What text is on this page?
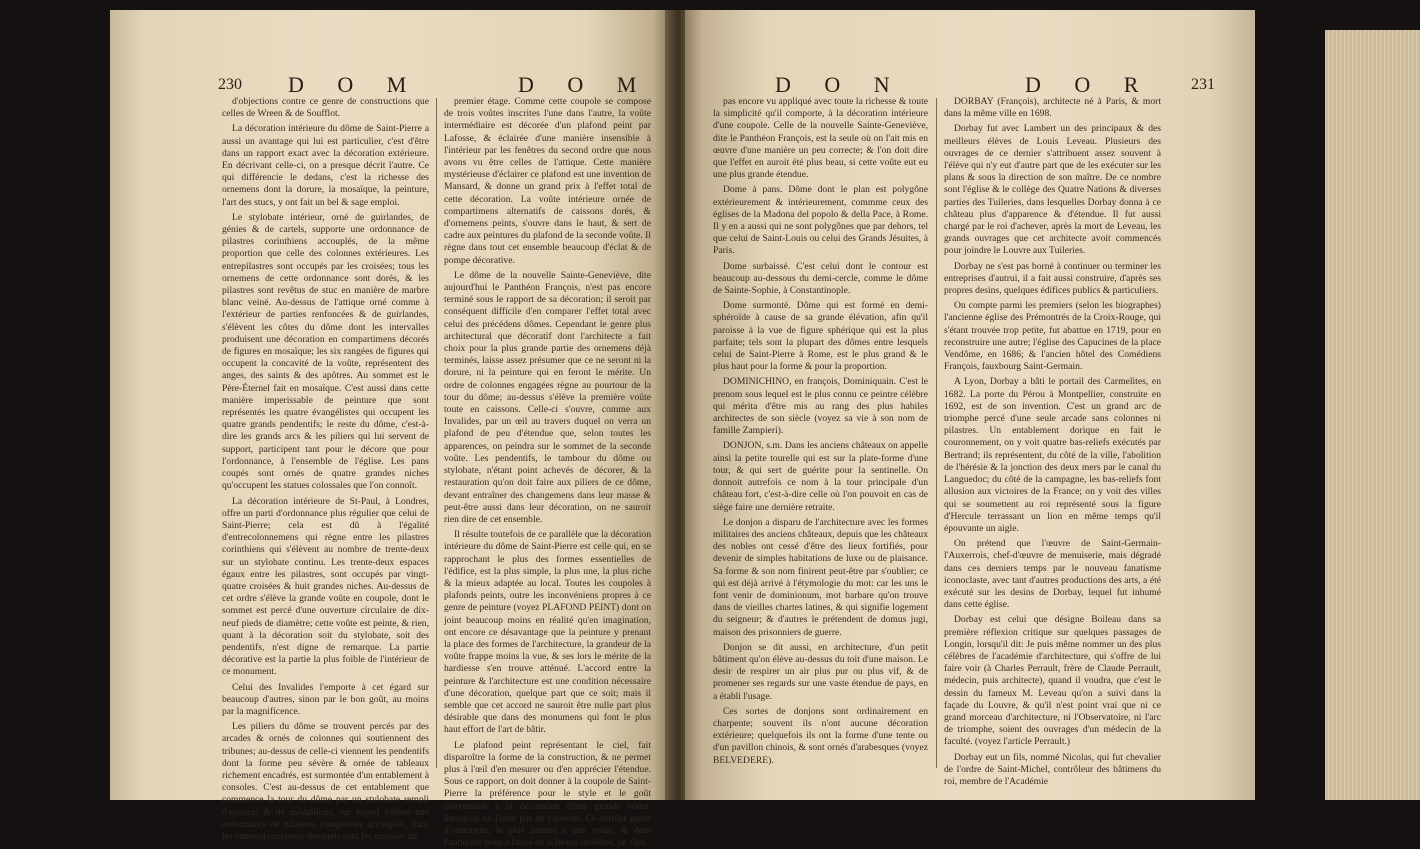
230 D O M	D O M

d'objections contre ce genre de constructions que celles de Wreen & de Soufflot.

La décoration intérieure du dôme de Saint-Pierre a aussi un avantage qui lui est particulier, c'est d'être dans un rapport exact avec la décoration extérieure. En décrivant celle-ci, on a presque décrit l'autre. Ce qui différencie le dedans, c'est la richesse des ornemens dont la dorure, la mosaïque, la peinture, l'art des stucs, y ont fait un bel & sage emploi.

Le stylobate intérieur, orné de guirlandes, de génies & de cartels, supporte une ordonnance de pilastres corinthiens accouplés, de la même proportion que celle des colonnes extérieures. Les entrepilastres sont occupés par les croisées; tous les ornemens de cette ordonnance sont dorés, & les pilastres sont revêtus de stuc en manière de marbre blanc veiné. Au-dessus de l'attique orné comme à l'extérieur de parties renfoncées & de guirlandes, s'élèvent les côtes du dôme dont les intervalles produisent une décoration en compartimens décorés de figures en mosaïque; les six rangées de figures qui occupent la concavité de la voûte, représentent des anges, des saints & des apôtres. Au sommet est le Père-Éternel fait en mosaïque. C'est aussi dans cette manière imperissable de peinture que sont représentés les quatre évangélistes qui occupent les quatre grands pendentifs; le reste du dôme, c'est-à-dire les grands arcs & les piliers qui lui servent de support, participent tant pour le décore que pour l'ordonnance, à l'ensemble de l'église. Les pans coupés sont ornés de quatre grandes niches qu'occupent les statues colossales que l'on connoît.

La décoration intérieure de St-Paul, à Londres, offre un parti d'ordonnance plus régulier que celui de Saint-Pierre; cela est dû à l'égalité d'entrecolonnemens qui règne entre les pilastres corinthiens qui s'élèvent au nombre de trente-deux sur un stylobate continu. Les trente-deux espaces égaux entre les pilastres, sont occupés par vingt-quatre croisées & huit grandes niches. Au-dessus de cet ordre s'élève la grande voûte en coupole, dont le sommet est percé d'une ouverture circulaire de dix-neuf pieds de diamètre; cette voûte est peinte, & rien, quant à la décoration soit du stylobate, soit des pendentifs, n'est digne de remarque. La partie décorative est la partie la plus foible de l'intérieur de ce monument.

Celui des Invalides l'emporte à cet égard sur beaucoup d'autres, sinon par le bon goût, au moins par la magnificence.

Les piliers du dôme se trouvent percés par des arcades & ornés de colonnes qui soutiennent des tribunes; au-dessus de celle-ci viennent les pendentifs dont la forme peu sévère & ornée de tableaux richement encadrés, est surmontée d'un entablement à consoles. C'est au-dessus de cet entablement que commence la tour du dôme par un stylobate rempli d'entrelas & de médaillons, sur lequel s'élève une ordonnance de pilastres composites accouplés, dans les entrecolonnemens desquels sont les croisées du

premier étage. Comme cette coupole se compose de trois voûtes inscrites l'une dans l'autre, la voûte intermédiaire est décorée d'un plafond peint par Lafosse, & éclairée d'une manière insensible à l'intérieur par les fenêtres du second ordre que nous avons vu être celles de l'attique. Cette manière mystérieuse d'éclairer ce plafond est une invention de Mansard, & donne un grand prix à l'effet total de cette décoration. La voûte intérieure ornée de compartimens alternatifs de caissons dorés, & d'ornemens peints, s'ouvre dans le haut, & sert de cadre aux peintures du plafond de la seconde voûte. Il règne dans tout cet ensemble beaucoup d'éclat & de pompe décorative.

Le dôme de la nouvelle Sainte-Geneviève, dite aujourd'hui le Panthéon François, n'est pas encore terminé sous le rapport de sa décoration; il seroit par conséquent difficile d'en comparer l'effet total avec celui des précédens dômes. Cependant le genre plus architectural que décoratif dont l'architecte a fait choix pour la plus grande partie des ornemens déjà terminés, laisse assez présumer que ce ne seront ni la dorure, ni la peinture qui en feront le mérite. Un ordre de colonnes engagées règne au pourtour de la tour du dôme; au-dessus s'élève la première voûte toute en caissons. Celle-ci s'ouvre, comme aux Invalides, par un œil au travers duquel on verra un plafond de peu d'étendue que, selon toutes les apparences, on peindra sur le sommet de la seconde voûte. Les pendentifs, le tambour du dôme ou stylobate, n'étant point achevés de décorer, & la restauration qu'on doit faire aux piliers de ce dôme, devant entraîner des changemens dans leur masse & peut-être aussi dans leur décoration, on ne sauroit rien dire de cet ensemble.

Il résulte toutefois de ce parallèle que la décoration intérieure du dôme de Saint-Pierre est celle qui, en se rapprochant le plus des formes essentielles de l'édifice, est la plus simple, la plus une, la plus riche & la mieux adaptée au local. Toutes les coupoles à plafonds peints, outre les inconvéniens propres à ce genre de peinture (voyez PLAFOND PEINT) dont on joint beaucoup moins en réalité qu'en imagination, ont encore ce désavantage que la peinture y prenant la place des formes de l'architecture, la grandeur de la voûte frappe moins la vue, & ses lors le mérite de la hardiesse s'en trouve atténué. L'accord entre la peinture & l'architecture est une condition nécessaire d'une décoration, quelque part que ce soit; mais il semble que cet accord ne sauroit être nulle part plus désirable que dans des monumens qui font le plus haut effort de l'art de bâtir.

Le plafond peint représentant le ciel, fait disparoître la forme de la construction, & ne permet plus à l'œil d'en mesurer ou d'en apprécier l'étendue. Sous ce rapport, on doit donner à la coupole de Saint-Pierre la préférence pour le style et le goût convenable à la décoration d'une grande voûte, lorsqu'on ne l'orne pas de caissons. Ce dernier genre d'ornemens, le plus naturel à une voûte, & dont l'antiquité nous a laissé de si beaux modèles, ne s'est

D O N	D O R 231

pas encore vu appliqué avec toute la richesse & toute la simplicité qu'il comporte, à la décoration intérieure d'une coupole. Celle de la nouvelle Sainte-Geneviève, dite le Panthéon François, est la seule où on l'ait mis en œuvre d'une manière un peu correcte; & l'on doit dire que l'effet en auroit été plus beau, si cette voûte eut eu une plus grande étendue.

Dome à pans. Dôme dont le plan est polygône extérieurement & intérieurement, commme ceux des églises de la Madona del popolo & della Pace, à Rome. Il y en a aussi qui ne sont polygônes que par dehors, tel que celui de Saint-Louis ou celui des Grands Jésuites, à Paris.

Dome surbaissé. C'est celui dont le contour est beaucoup au-dessous du demi-cercle, comme le dôme de Sainte-Sophie, à Constantinople.

Dome surmonté. Dôme qui est formé en demi-sphéroïde à cause de sa grande élévation, afin qu'il paroisse à la vue de figure sphérique qui est la plus parfaite; tels sont la plupart des dômes entre lesquels celui de Saint-Pierre à Rome, est le plus grand & le plus haut pour la forme & pour la proportion.

DOMINICHINO, en françois, Dominiquain. C'est le prenom sous lequel est le plus connu ce peintre célèbre qui mérita d'être mis au rang des plus habiles architectes de son siècle (voyez sa vie à son nom de famille Zampieri).

DONJON, s.m. Dans les anciens châteaux on appelle ainsi la petite tourelle qui est sur la plate-forme d'une tour, & qui sert de guérite pour la sentinelle. On donnoit autrefois ce nom à la tour principale d'un château fort, c'est-à-dire celle où l'on pouvoit en cas de siège faire une dernière retraite.

Le donjon a disparu de l'architecture avec les formes militaires des anciens châteaux, depuis que les châteaux des nobles ont cessé d'être des lieux fortifiés, pour devenir de simples habitations de luxe ou de plaisance. Sa forme & son nom finirent peut-être par s'oublier; ce qui est déjà arrivé à l'étymologie du mot: car les uns le font venir de dominionum, mot barbare qu'on trouve dans de vieilles chartes latines, & qui signifie logement du seigneur; & d'autres le prétendent de domus jugi, maison des prisonniers de guerre.

Donjon se dit aussi, en architecture, d'un petit bâtiment qu'on élève au-dessus du toit d'une maison. Le desir de respirer un air plus pur ou plus vif, & de promener ses regards sur une vaste étendue de pays, en a établi l'usage.

Ces sortes de donjons sont ordinairement en charpente; souvent ils n'ont aucune décoration extérieure; quelquefois ils ont la forme d'une tente ou d'un pavillon chinois, & sont ornés d'arabesques (voyez BELVEDERE).

DORBAY (François), architecte né à Paris, & mort dans la même ville en 1698.

Dorbay fut avec Lambert un des principaux & des meilleurs élèves de Louis Leveau. Plusieurs des ouvrages de ce dernier s'attribuent assez souvent à l'élève qui n'y eut d'autre part que de les exécuter sur les plans & sous la direction de son maître. De ce nombre sont l'église & le collège des Quatre Nations & diverses parties des Tuileries, dans lesquelles Dorbay donna à ce château plus d'apparence & d'étendue. Il fut aussi chargé par le roi d'achever, après la mort de Leveau, les grands ouvrages que cet architecte avoit commencés pour joindre le Louvre aux Tuileries.

Dorbay ne s'est pas borné à continuer ou terminer les entreprises d'autrui, il a fait aussi construire, d'après ses propres desins, quelques édifices publics & particuliers.

On compte parmi les premiers (selon les biographes) l'ancienne église des Prémontrés de la Croix-Rouge, qui s'étant trouvée trop petite, fut abattue en 1719, pour en reconstruire une autre; l'église des Capucines de la place Vendôme, en 1686; & l'ancien hôtel des Comédiens François, fauxbourg Saint-Germain.

A Lyon, Dorbay a bâti le portail des Carmelites, en 1682. La porte du Pérou à Montpellier, construite en 1692, est de son invention. C'est un grand arc de triomphe percé d'une seule arcade sans colonnes ni pilastres. Un entablement dorique en fait le couronnement, on y voit quatre bas-reliefs exécutés par Bertrand; ils représentent, du côté de la ville, l'abolition de l'hérésie & la jonction des deux mers par le canal du Languedoc; du côté de la campagne, les bas-reliefs font allusion aux victoires de la France; on y voit des villes qui se soumettent au roi représenté sous la figure d'Hercule terrassant un lion en même temps qu'il épouvante un aigle.

On prétend que l'œuvre de Saint-Germain-l'Auxerrois, chef-d'œuvre de menuiserie, mais dégradé dans ces derniers temps par le nouveau fanatisme iconoclaste, avec tant d'autres productions des arts, a été exécuté sur les desins de Dorbay, lequel fut inhumé dans cette église.

Dorbay est celui que désigne Boileau dans sa première réflexion critique sur quelques passages de Longin, lorsqu'il dit: Je puis même nommer un des plus célèbres de l'académie d'architecture, qui s'offre de lui faire voir (à Charles Perrault, frère de Claude Perrault, médecin, puis architecte), quand il voudra, que c'est le dessin du fameux M. Leveau qu'on a suivi dans la façade du Louvre, & qu'il n'est point vrai que ni ce grand morceau d'architecture, ni l'Observatoire, ni l'arc de triomphe, soient des ouvrages d'un médecin de la faculté. (voyez l'article Perrault.)

Dorbay eut un fils, nommé Nicolas, qui fut chevalier de l'ordre de Saint-Michel, contrôleur des bâtimens du roi, membre de l'Académie
